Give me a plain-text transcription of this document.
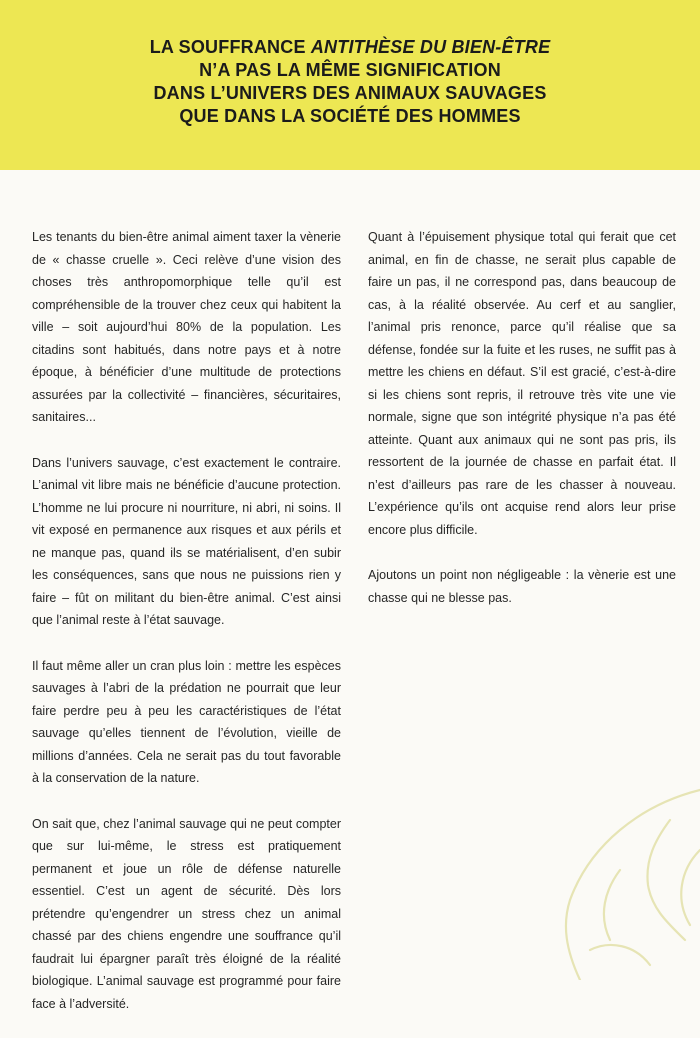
LA SOUFFRANCE ANTITHÈSE DU BIEN-ÊTRE
N’A PAS LA MÊME SIGNIFICATION
DANS L’UNIVERS DES ANIMAUX SAUVAGES
QUE DANS LA SOCIÉTÉ DES HOMMES

Les tenants du bien-être animal aiment taxer la vènerie de « chasse cruelle ». Ceci relève d’une vision des choses très anthropomorphique telle qu’il est compréhensible de la trouver chez ceux qui habitent la ville – soit aujourd’hui 80% de la population. Les citadins sont habitués, dans notre pays et à notre époque, à bénéficier d’une multitude de protections assurées par la collectivité – financières, sécuritaires, sanitaires...

Dans l’univers sauvage, c’est exactement le contraire. L’animal vit libre mais ne bénéficie d’aucune protection. L’homme ne lui procure ni nourriture, ni abri, ni soins. Il vit exposé en permanence aux risques et aux périls et ne manque pas, quand ils se matérialisent, d’en subir les conséquences, sans que nous ne puissions rien y faire – fût on militant du bien-être animal. C’est ainsi que l’animal reste à l’état sauvage.

Il faut même aller un cran plus loin : mettre les espèces sauvages à l’abri de la prédation ne pourrait que leur faire perdre peu à peu les caractéristiques de l’état sauvage qu’elles tiennent de l’évolution, vieille de millions d’années. Cela ne serait pas du tout favorable à la conservation de la nature.

On sait que, chez l’animal sauvage qui ne peut compter que sur lui-même, le stress est pratiquement permanent et joue un rôle de défense naturelle essentiel. C’est un agent de sécurité. Dès lors prétendre qu’engendrer un stress chez un animal chassé par des chiens engendre une souffrance qu’il faudrait lui épargner paraît très éloigné de la réalité biologique. L’animal sauvage est programmé pour faire face à l’adversité.

Quant à l’épuisement physique total qui ferait que cet animal, en fin de chasse, ne serait plus capable de faire un pas, il ne correspond pas, dans beaucoup de cas, à la réalité observée. Au cerf et au sanglier, l’animal pris renonce, parce qu’il réalise que sa défense, fondée sur la fuite et les ruses, ne suffit pas à mettre les chiens en défaut. S’il est gracié, c’est-à-dire si les chiens sont repris, il retrouve très vite une vie normale, signe que son intégrité physique n’a pas été atteinte. Quant aux animaux qui ne sont pas pris, ils ressortent de la journée de chasse en parfait état. Il n’est d’ailleurs pas rare de les chasser à nouveau. L’expérience qu’ils ont acquise rend alors leur prise encore plus difficile.

Ajoutons un point non négligeable : la vènerie est une chasse qui ne blesse pas.
